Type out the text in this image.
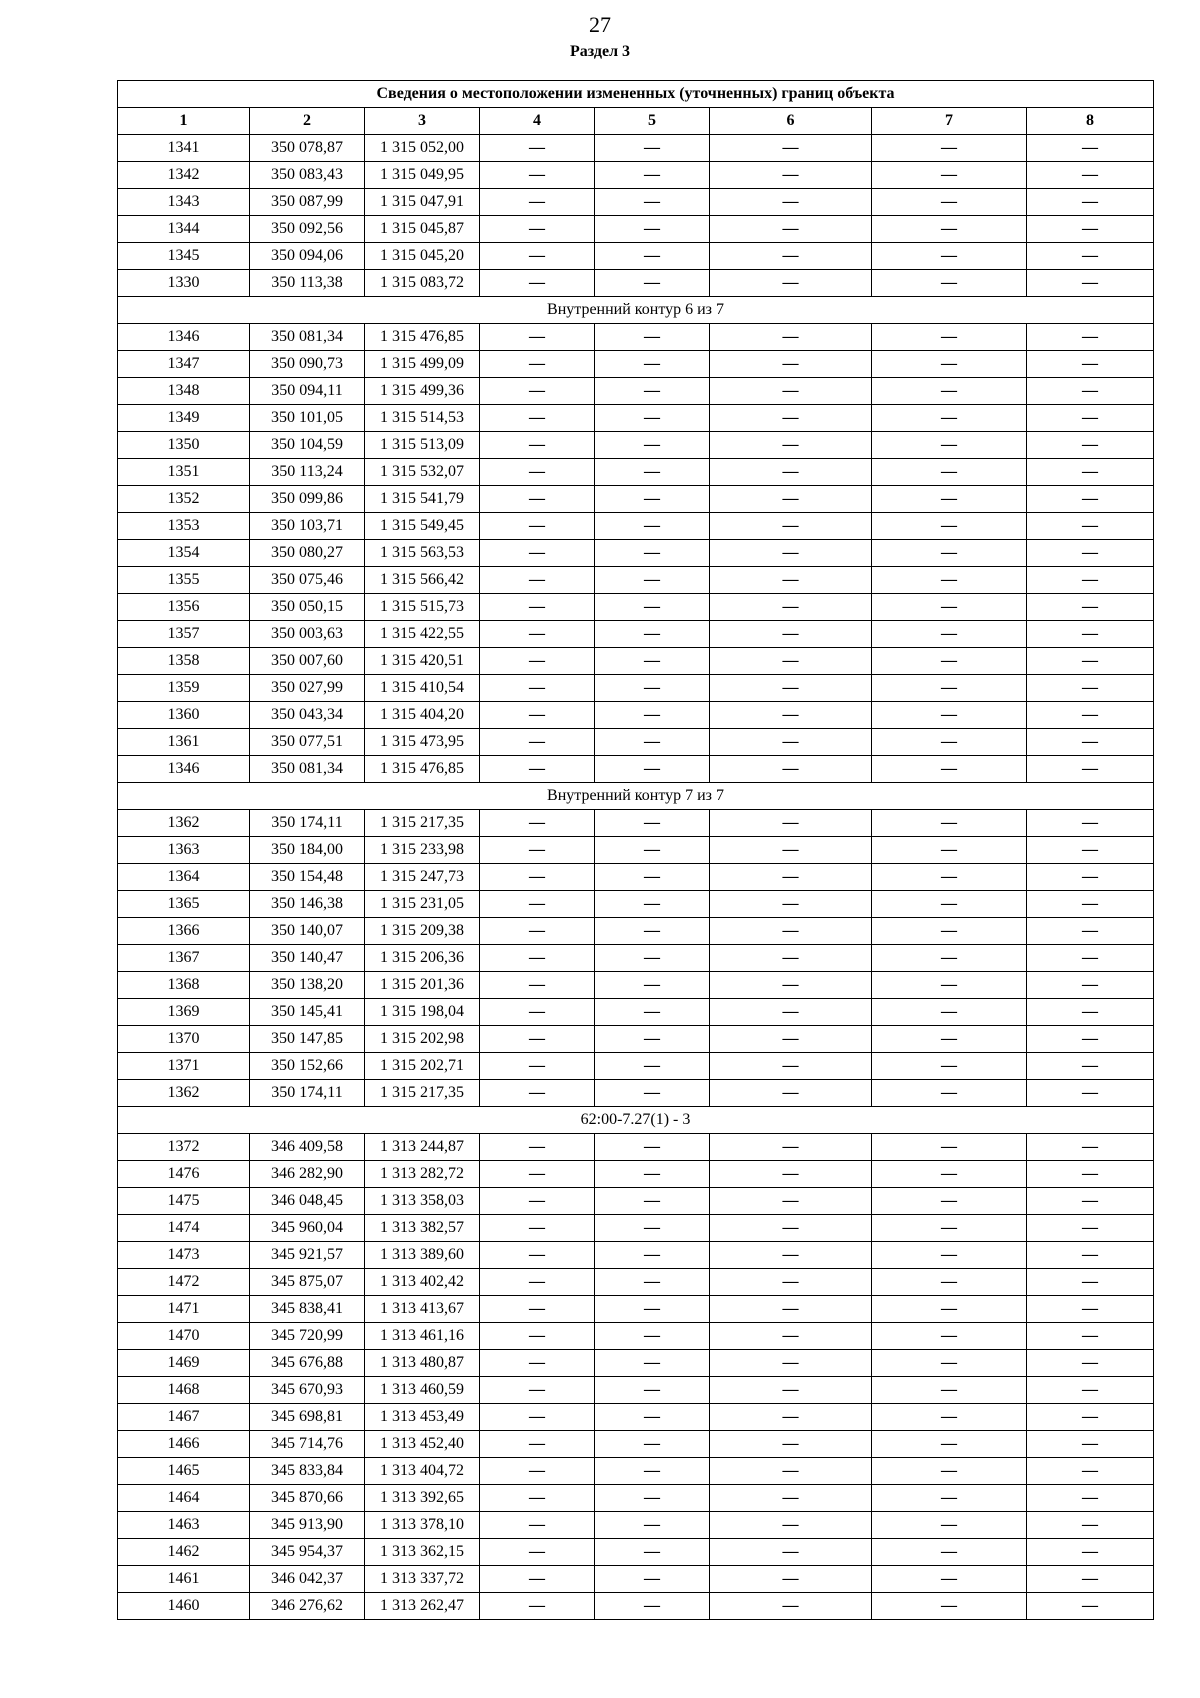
27
Раздел 3
Сведения о местоположении измененных (уточненных) границ объекта							
1	2	3	4	5	6	7	8
1341	350 078,87	1 315 052,00	—	—	—	—	—
1342	350 083,43	1 315 049,95	—	—	—	—	—
1343	350 087,99	1 315 047,91	—	—	—	—	—
1344	350 092,56	1 315 045,87	—	—	—	—	—
1345	350 094,06	1 315 045,20	—	—	—	—	—
1330	350 113,38	1 315 083,72	—	—	—	—	—
Внутренний контур 6 из 7							
1346	350 081,34	1 315 476,85	—	—	—	—	—
1347	350 090,73	1 315 499,09	—	—	—	—	—
1348	350 094,11	1 315 499,36	—	—	—	—	—
1349	350 101,05	1 315 514,53	—	—	—	—	—
1350	350 104,59	1 315 513,09	—	—	—	—	—
1351	350 113,24	1 315 532,07	—	—	—	—	—
1352	350 099,86	1 315 541,79	—	—	—	—	—
1353	350 103,71	1 315 549,45	—	—	—	—	—
1354	350 080,27	1 315 563,53	—	—	—	—	—
1355	350 075,46	1 315 566,42	—	—	—	—	—
1356	350 050,15	1 315 515,73	—	—	—	—	—
1357	350 003,63	1 315 422,55	—	—	—	—	—
1358	350 007,60	1 315 420,51	—	—	—	—	—
1359	350 027,99	1 315 410,54	—	—	—	—	—
1360	350 043,34	1 315 404,20	—	—	—	—	—
1361	350 077,51	1 315 473,95	—	—	—	—	—
1346	350 081,34	1 315 476,85	—	—	—	—	—
Внутренний контур 7 из 7							
1362	350 174,11	1 315 217,35	—	—	—	—	—
1363	350 184,00	1 315 233,98	—	—	—	—	—
1364	350 154,48	1 315 247,73	—	—	—	—	—
1365	350 146,38	1 315 231,05	—	—	—	—	—
1366	350 140,07	1 315 209,38	—	—	—	—	—
1367	350 140,47	1 315 206,36	—	—	—	—	—
1368	350 138,20	1 315 201,36	—	—	—	—	—
1369	350 145,41	1 315 198,04	—	—	—	—	—
1370	350 147,85	1 315 202,98	—	—	—	—	—
1371	350 152,66	1 315 202,71	—	—	—	—	—
1362	350 174,11	1 315 217,35	—	—	—	—	—
62:00-7.27(1) - 3							
1372	346 409,58	1 313 244,87	—	—	—	—	—
1476	346 282,90	1 313 282,72	—	—	—	—	—
1475	346 048,45	1 313 358,03	—	—	—	—	—
1474	345 960,04	1 313 382,57	—	—	—	—	—
1473	345 921,57	1 313 389,60	—	—	—	—	—
1472	345 875,07	1 313 402,42	—	—	—	—	—
1471	345 838,41	1 313 413,67	—	—	—	—	—
1470	345 720,99	1 313 461,16	—	—	—	—	—
1469	345 676,88	1 313 480,87	—	—	—	—	—
1468	345 670,93	1 313 460,59	—	—	—	—	—
1467	345 698,81	1 313 453,49	—	—	—	—	—
1466	345 714,76	1 313 452,40	—	—	—	—	—
1465	345 833,84	1 313 404,72	—	—	—	—	—
1464	345 870,66	1 313 392,65	—	—	—	—	—
1463	345 913,90	1 313 378,10	—	—	—	—	—
1462	345 954,37	1 313 362,15	—	—	—	—	—
1461	346 042,37	1 313 337,72	—	—	—	—	—
1460	346 276,62	1 313 262,47	—	—	—	—	—
